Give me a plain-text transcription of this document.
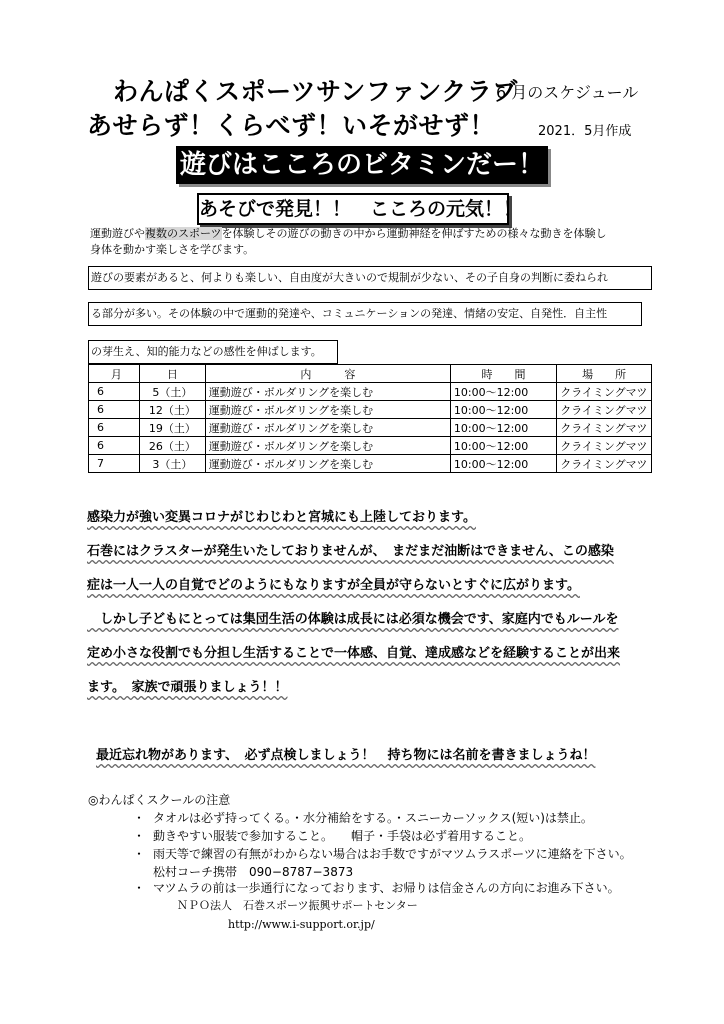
わんぱくスポーツサンファンクラブ
6 月のスケジュール
あせらず！くらべず！いそがせず！	2021．5月作成
遊びはこころのビタミンだー！
あそびで発見！！　こころの元気！！
運動遊びや複数のスポーツを体験しその遊びの動きの中から運動神経を伸ばすための様々な動きを体験し
身体を動かす楽しさを学びます。
遊びの要素があると、何よりも楽しい、自由度が大きいので規制が少ない、その子自身の判断に委ねられ
る部分が多い。その体験の中で運動的発達や、コミュニケーションの発達、情緒の安定、自発性．自主性
の芽生え、知的能力などの感性を伸ばします。
月	日	内　　　容	時　　間	場　　所
6	5（土）	運動遊び・ボルダリングを楽しむ	10:00～12:00	クライミングマツ
6	12（土）	運動遊び・ボルダリングを楽しむ	10:00～12:00	クライミングマツ
6	19（土）	運動遊び・ボルダリングを楽しむ	10:00～12:00	クライミングマツ
6	26（土）	運動遊び・ボルダリングを楽しむ	10:00～12:00	クライミングマツ
7	3（土）	運動遊び・ボルダリングを楽しむ	10:00～12:00	クライミングマツ
感染力が強い変異コロナがじわじわと宮城にも上陸しております。
石巻にはクラスターが発生いたしておりませんが、　まだまだ油断はできません、この感染
症は一人一人の自覚でどのようにもなりますが全員が守らないとすぐに広がります。
　しかし子どもにとっては集団生活の体験は成長には必須な機会です、家庭内でもルールを
定め小さな役割でも分担し生活することで一体感、自覚、達成感などを経験することが出来
ます。　家族で頑張りましょう！！
最近忘れ物があります、　必ず点検しましょう！　持ち物には名前を書きましょうね！
◎わんぱくスクールの注意
・ タオルは必ず持ってくる。・水分補給をする。・スニーカーソックス(短い)は禁止。
・ 動きやすい服装で参加すること。　　帽子・手袋は必ず着用すること。
・ 雨天等で練習の有無がわからない場合はお手数ですがマツムラスポーツに連絡を下さい。
松村コーチ携帯　090−8787−3873
・ マツムラの前は一歩通行になっております、お帰りは信金さんの方向にお進み下さい。
ＮＰＯ法人　石巻スポーツ振興サポートセンター
http://www.i-support.or.jp/
